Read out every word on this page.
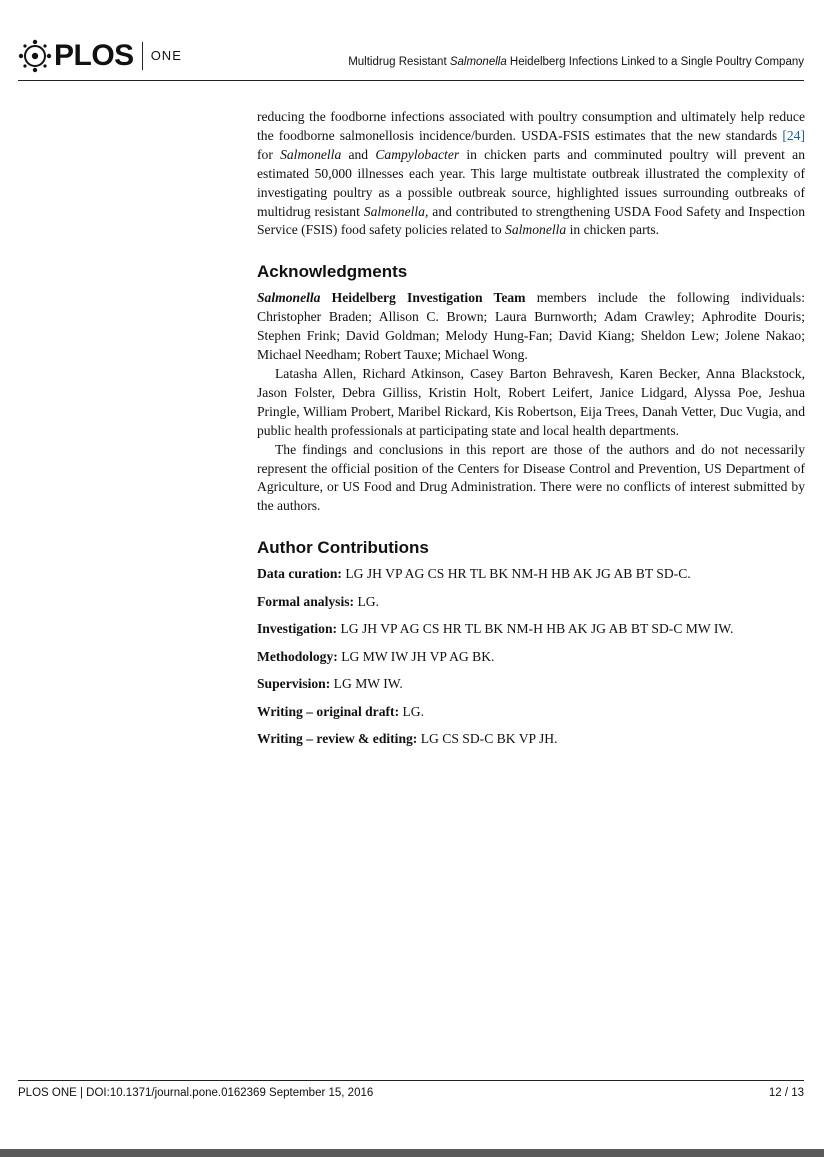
PLOS ONE	Multidrug Resistant Salmonella Heidelberg Infections Linked to a Single Poultry Company

reducing the foodborne infections associated with poultry consumption and ultimately help reduce the foodborne salmonellosis incidence/burden. USDA-FSIS estimates that the new standards [24] for Salmonella and Campylobacter in chicken parts and comminuted poultry will prevent an estimated 50,000 illnesses each year. This large multistate outbreak illustrated the complexity of investigating poultry as a possible outbreak source, highlighted issues surrounding outbreaks of multidrug resistant Salmonella, and contributed to strengthening USDA Food Safety and Inspection Service (FSIS) food safety policies related to Salmonella in chicken parts.

Acknowledgments

Salmonella Heidelberg Investigation Team members include the following individuals: Christopher Braden; Allison C. Brown; Laura Burnworth; Adam Crawley; Aphrodite Douris; Stephen Frink; David Goldman; Melody Hung-Fan; David Kiang; Sheldon Lew; Jolene Nakao; Michael Needham; Robert Tauxe; Michael Wong.

Latasha Allen, Richard Atkinson, Casey Barton Behravesh, Karen Becker, Anna Blackstock, Jason Folster, Debra Gilliss, Kristin Holt, Robert Leifert, Janice Lidgard, Alyssa Poe, Jeshua Pringle, William Probert, Maribel Rickard, Kis Robertson, Eija Trees, Danah Vetter, Duc Vugia, and public health professionals at participating state and local health departments.

The findings and conclusions in this report are those of the authors and do not necessarily represent the official position of the Centers for Disease Control and Prevention, US Department of Agriculture, or US Food and Drug Administration. There were no conflicts of interest submitted by the authors.

Author Contributions

Data curation: LG JH VP AG CS HR TL BK NM-H HB AK JG AB BT SD-C.

Formal analysis: LG.

Investigation: LG JH VP AG CS HR TL BK NM-H HB AK JG AB BT SD-C MW IW.

Methodology: LG MW IW JH VP AG BK.

Supervision: LG MW IW.

Writing – original draft: LG.

Writing – review & editing: LG CS SD-C BK VP JH.

PLOS ONE | DOI:10.1371/journal.pone.0162369 September 15, 2016	12 / 13
